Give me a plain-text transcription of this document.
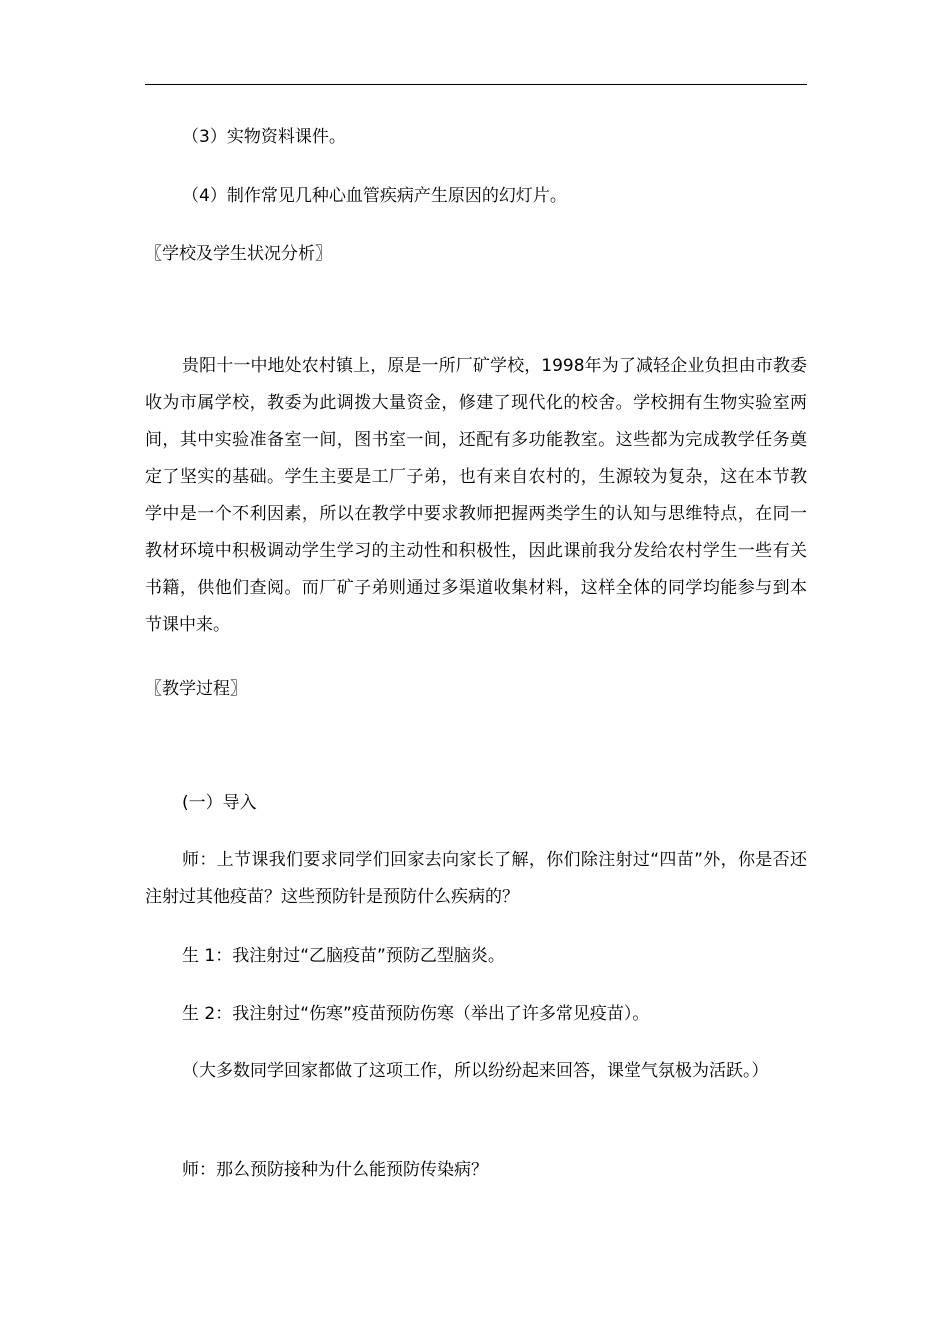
（3）实物资料课件。
（4）制作常见几种心血管疾病产生原因的幻灯片。
〖学校及学生状况分析〗

贵阳十一中地处农村镇上，原是一所厂矿学校，1998年为了减轻企业负担由市教委收为市属学校，教委为此调拨大量资金，修建了现代化的校舍。学校拥有生物实验室两间，其中实验准备室一间，图书室一间，还配有多功能教室。这些都为完成教学任务奠定了坚实的基础。学生主要是工厂子弟，也有来自农村的，生源较为复杂，这在本节教学中是一个不利因素，所以在教学中要求教师把握两类学生的认知与思维特点，在同一教材环境中积极调动学生学习的主动性和积极性，因此课前我分发给农村学生一些有关书籍，供他们查阅。而厂矿子弟则通过多渠道收集材料，这样全体的同学均能参与到本节课中来。

〖教学过程〗
(一）导入

师：上节课我们要求同学们回家去向家长了解，你们除注射过“四苗”外，你是否还注射过其他疫苗？这些预防针是预防什么疾病的？

生 1：我注射过“乙脑疫苗”预防乙型脑炎。
生 2：我注射过“伤寒”疫苗预防伤寒（举出了许多常见疫苗）。

（大多数同学回家都做了这项工作，所以纷纷起来回答，课堂气氛极为活跃。）

师：那么预防接种为什么能预防传染病？
